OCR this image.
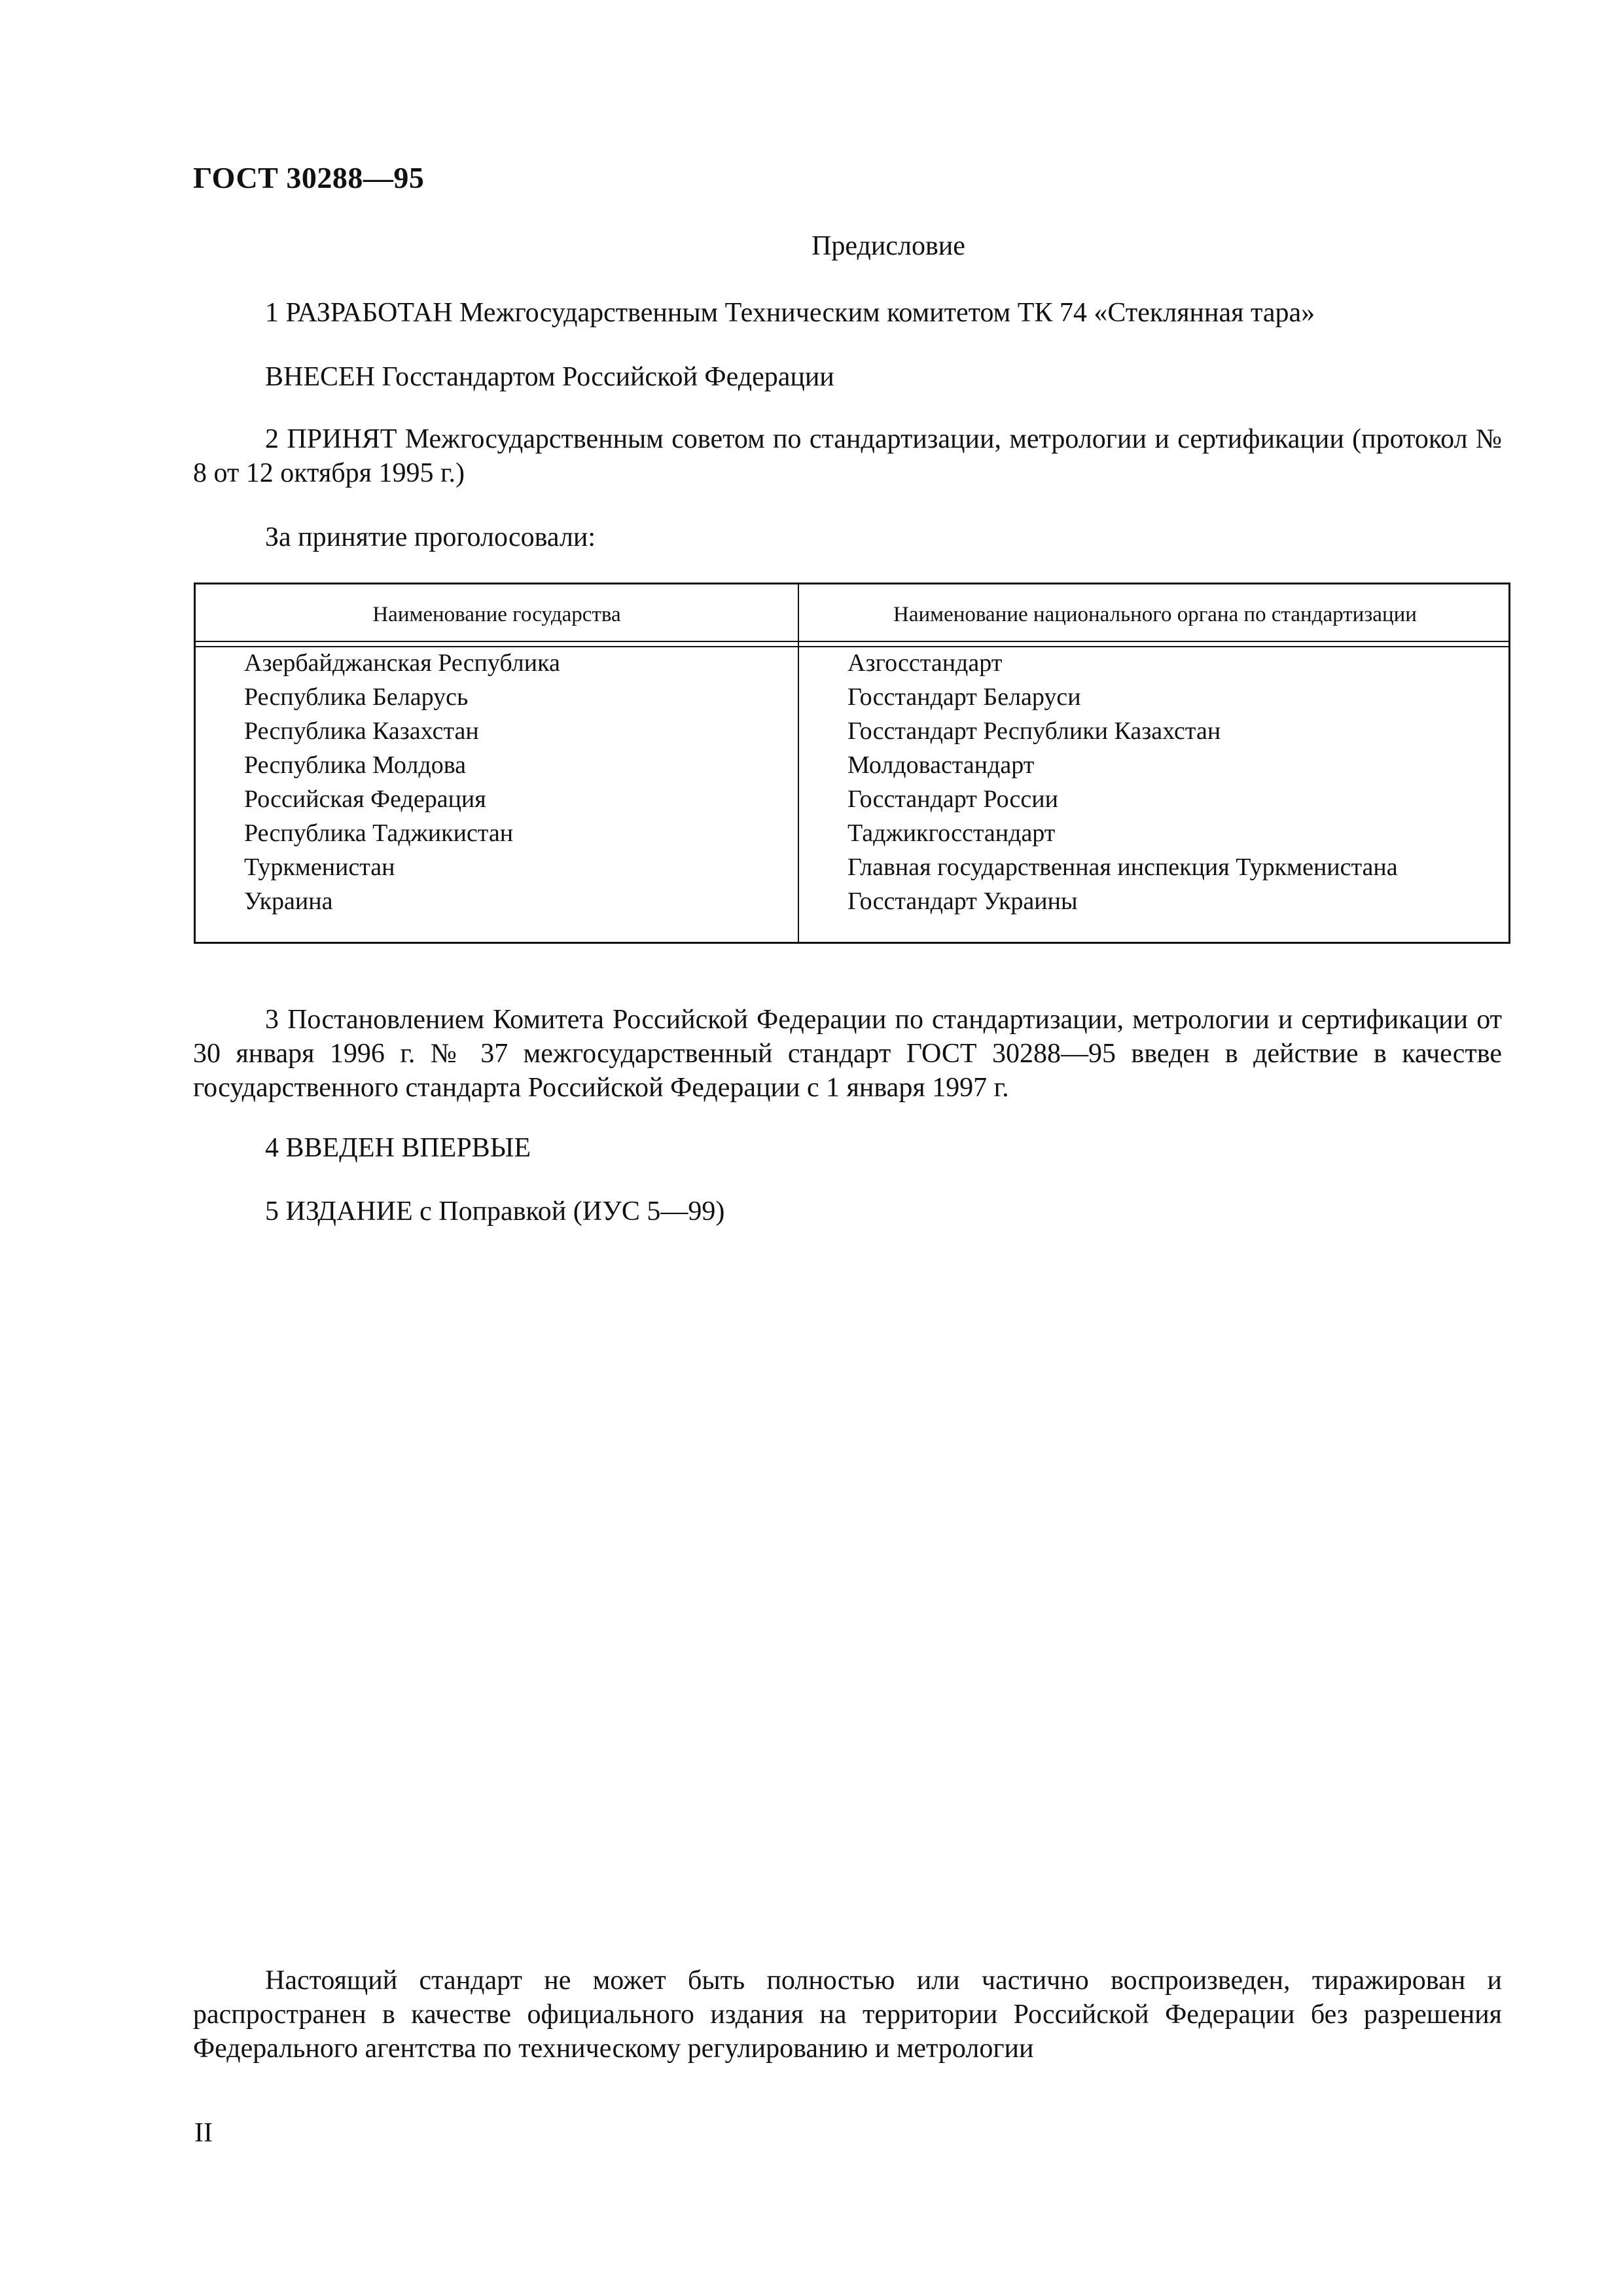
ГОСТ 30288—95
Предисловие
1 РАЗРАБОТАН Межгосударственным Техническим комитетом ТК 74 «Стеклянная тара»
ВНЕСЕН Госстандартом Российской Федерации
2 ПРИНЯТ Межгосударственным советом по стандартизации, метрологии и сертификации (протокол № 8 от 12 октября 1995 г.)
За принятие проголосовали:
Наименование государства	Наименование национального органа по стандартизации
Азербайджанская Республика
Республика Беларусь
Республика Казахстан
Республика Молдова
Российская Федерация
Республика Таджикистан
Туркменистан
Украина
Азгосстандарт
Госстандарт Беларуси
Госстандарт Республики Казахстан
Молдовастандарт
Госстандарт России
Таджикгосстандарт
Главная государственная инспекция Туркменистана
Госстандарт Украины
3 Постановлением Комитета Российской Федерации по стандартизации, метрологии и сертификации от 30 января 1996 г. № 37 межгосударственный стандарт ГОСТ 30288—95 введен в действие в качестве государственного стандарта Российской Федерации с 1 января 1997 г.
4 ВВЕДЕН ВПЕРВЫЕ
5 ИЗДАНИЕ с Поправкой (ИУС 5—99)
Настоящий стандарт не может быть полностью или частично воспроизведен, тиражирован и распространен в качестве официального издания на территории Российской Федерации без разрешения Федерального агентства по техническому регулированию и метрологии
II
